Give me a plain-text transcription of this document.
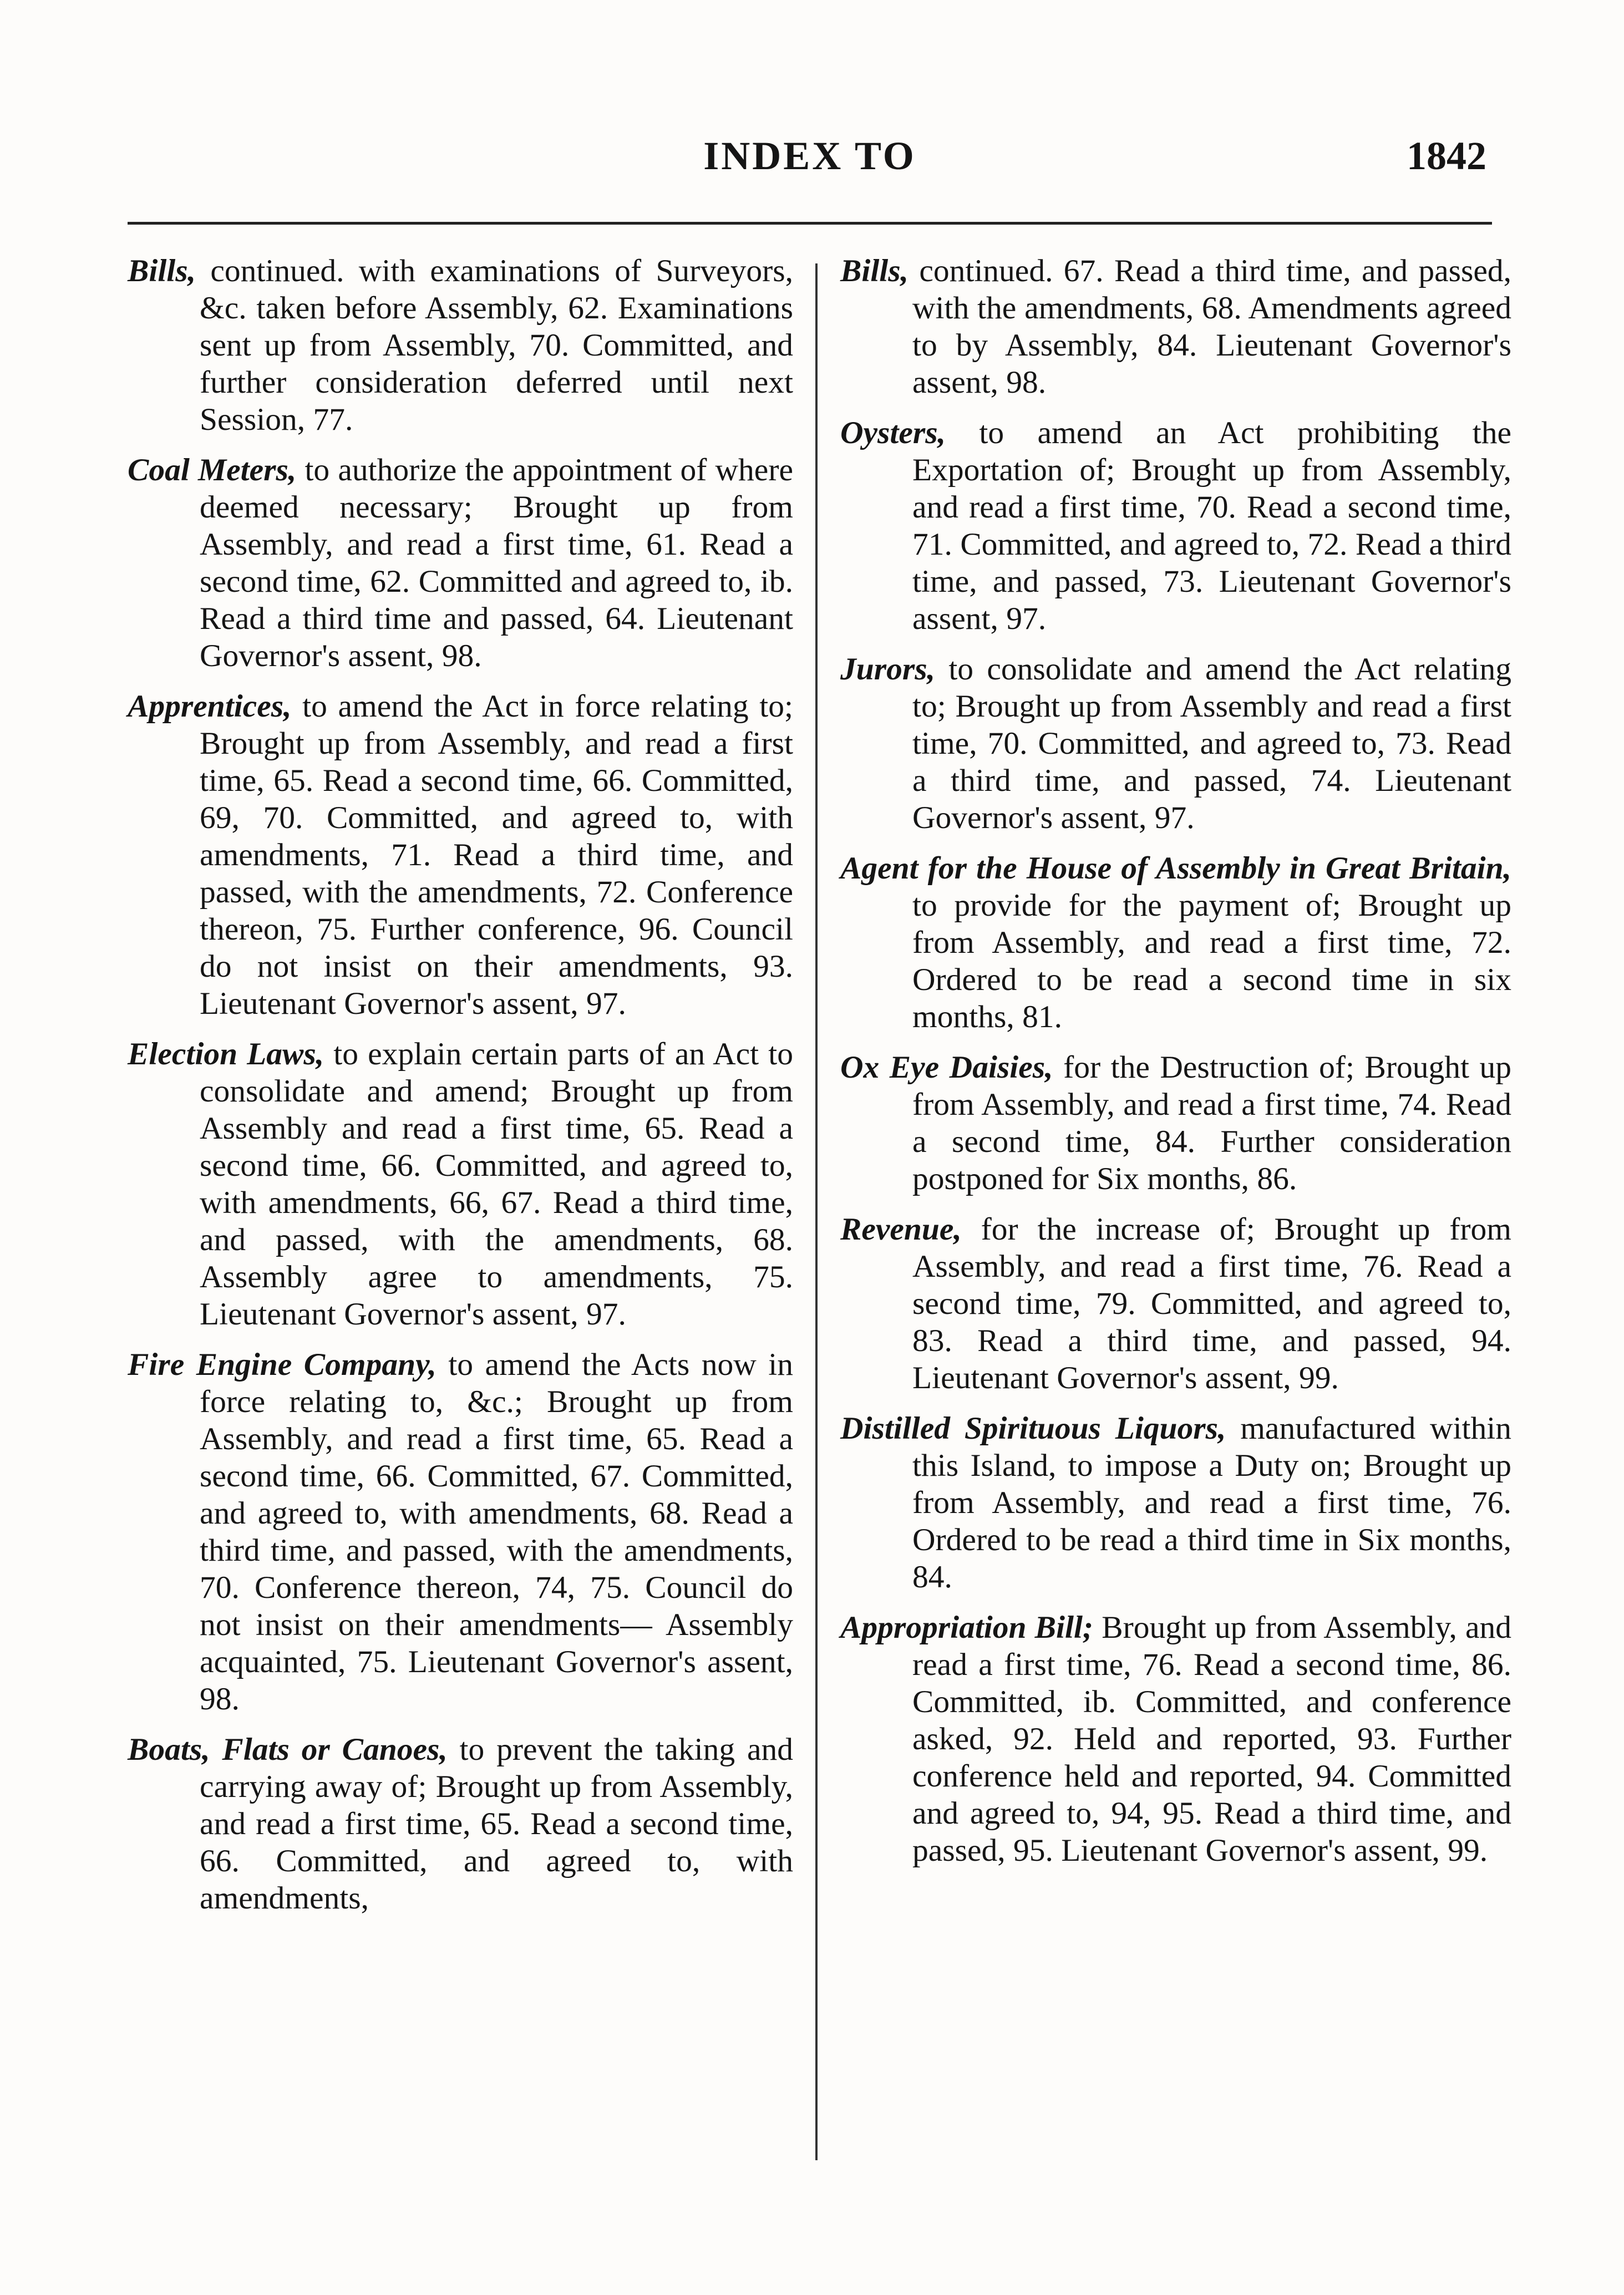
INDEX TO	1842

Bills, continued. with examinations of Surveyors, &c. taken before Assembly, 62. Examinations sent up from Assembly, 70. Committed, and further consideration deferred until next Session, 77.

Coal Meters, to authorize the appointment of where deemed necessary; Brought up from Assembly, and read a first time, 61. Read a second time, 62. Committed and agreed to, ib. Read a third time and passed, 64. Lieutenant Governor's assent, 98.

Apprentices, to amend the Act in force relating to; Brought up from Assembly, and read a first time, 65. Read a second time, 66. Committed, 69, 70. Committed, and agreed to, with amendments, 71. Read a third time, and passed, with the amendments, 72. Conference thereon, 75. Further conference, 96. Council do not insist on their amendments, 93. Lieutenant Governor's assent, 97.

Election Laws, to explain certain parts of an Act to consolidate and amend; Brought up from Assembly and read a first time, 65. Read a second time, 66. Committed, and agreed to, with amendments, 66, 67. Read a third time, and passed, with the amendments, 68. Assembly agree to amendments, 75. Lieutenant Governor's assent, 97.

Fire Engine Company, to amend the Acts now in force relating to, &c.; Brought up from Assembly, and read a first time, 65. Read a second time, 66. Committed, 67. Committed, and agreed to, with amendments, 68. Read a third time, and passed, with the amendments, 70. Conference thereon, 74, 75. Council do not insist on their amendments— Assembly acquainted, 75. Lieutenant Governor's assent, 98.

Boats, Flats or Canoes, to prevent the taking and carrying away of; Brought up from Assembly, and read a first time, 65. Read a second time, 66. Committed, and agreed to, with amendments,

Bills, continued. 67. Read a third time, and passed, with the amendments, 68. Amendments agreed to by Assembly, 84. Lieutenant Governor's assent, 98.

Oysters, to amend an Act prohibiting the Exportation of; Brought up from Assembly, and read a first time, 70. Read a second time, 71. Committed, and agreed to, 72. Read a third time, and passed, 73. Lieutenant Governor's assent, 97.

Jurors, to consolidate and amend the Act relating to; Brought up from Assembly and read a first time, 70. Committed, and agreed to, 73. Read a third time, and passed, 74. Lieutenant Governor's assent, 97.

Agent for the House of Assembly in Great Britain, to provide for the payment of; Brought up from Assembly, and read a first time, 72. Ordered to be read a second time in six months, 81.

Ox Eye Daisies, for the Destruction of; Brought up from Assembly, and read a first time, 74. Read a second time, 84. Further consideration postponed for Six months, 86.

Revenue, for the increase of; Brought up from Assembly, and read a first time, 76. Read a second time, 79. Committed, and agreed to, 83. Read a third time, and passed, 94. Lieutenant Governor's assent, 99.

Distilled Spirituous Liquors, manufactured within this Island, to impose a Duty on; Brought up from Assembly, and read a first time, 76. Ordered to be read a third time in Six months, 84.

Appropriation Bill; Brought up from Assembly, and read a first time, 76. Read a second time, 86. Committed, ib. Committed, and conference asked, 92. Held and reported, 93. Further conference held and reported, 94. Committed and agreed to, 94, 95. Read a third time, and passed, 95. Lieutenant Governor's assent, 99.
